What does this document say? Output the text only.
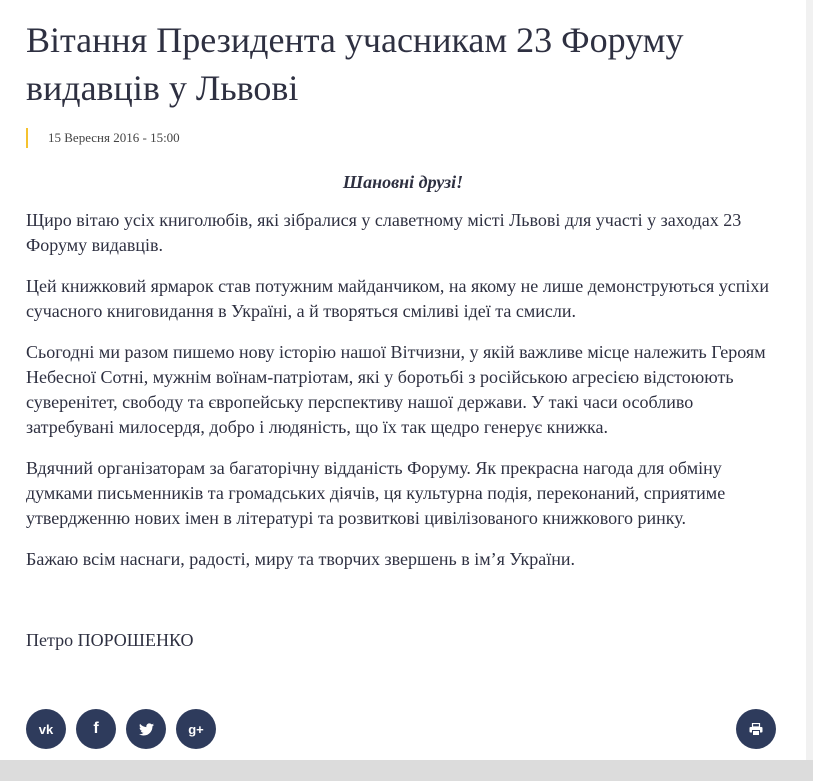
Вітання Президента учасникам 23 Форуму видавців у Львові
15 Вересня 2016 - 15:00
Шановні друзі!

Щиро вітаю усіх книголюбів, які зібралися у славетному місті Львові для участі у заходах 23 Форуму видавців.

Цей книжковий ярмарок став потужним майданчиком, на якому не лише демонструються успіхи сучасного книговидання в Україні, а й творяться сміливі ідеї та смисли.

Сьогодні ми разом пишемо нову історію нашої Вітчизни, у якій важливе місце належить Героям Небесної Сотні, мужнім воїнам-патріотам, які у боротьбі з російською агресією відстоюють суверенітет, свободу та європейську перспективу нашої держави. У такі часи особливо затребувані милосердя, добро і людяність, що їх так щедро генерує книжка.

Вдячний організаторам за багаторічну відданість Форуму. Як прекрасна нагода для обміну думками письменників та громадських діячів, ця культурна подія, переконаний, сприятиме утвердженню нових імен в літературі та розвиткові цивілізованого книжкового ринку.

Бажаю всім наснаги, радості, миру та творчих звершень в ім’я України.

Петро ПОРОШЕНКО

vk	f	g+
